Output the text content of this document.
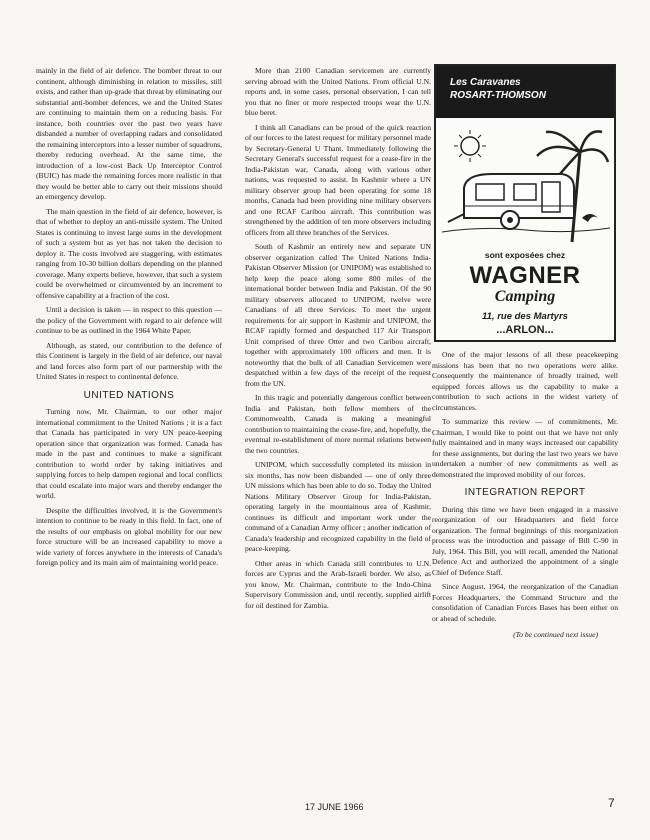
mainly in the field of air defence. The bomber threat to our continent, although diminishing in relation to missiles, still exists, and rather than up-grade that threat by eliminating our substantial anti-bomber defences, we and the United States are continuing to maintain them on a reducing basis. For instance, both countries over the past two years have disbanded a number of overlapping radars and consolidated the remaining interceptors into a lesser number of squadrons, thereby reducing overhead. At the same time, the introduction of a low-cost Back Up Interceptor Control (BUIC) has made the remaining forces more realistic in that they would be better able to carry out their missions should an emergency develop.

The main question in the field of air defence, however, is that of whether to deploy an anti-missile system. The United States is continuing to invest large sums in the development of such a system but as yet has not taken the decision to deploy it. The costs involved are staggering, with estimates ranging from 10-30 billion dollars depending on the planned coverage. Many experts believe, however, that such a system could be overwhelmed or circumvented by an increment to offensive capability at a fraction of the cost.

Until a decision is taken — in respect to this question — the policy of the Government with regard to air defence will continue to be as outlined in the 1964 White Paper.

Although, as stated, our contribution to the defence of this Continent is largely in the field of air defence, our naval and land forces also form part of our partnership with the United States in respect to continental defence.

UNITED NATIONS

Turning now, Mr. Chairman, to our other major international commitment to the United Nations ; it is a fact that Canada has participated in very UN peace-keeping operation since that organization was formed. Canada has made in the past and continues to make a significant contribution to world order by taking initiatives and supplying forces to help dampen regional and local conflicts that could escalate into major wars and thereby endanger the world.

Despite the difficulties involved, it is the Government's intention to continue to be ready in this field. In fact, one of the results of our emphasis on global mobility for our new force structure will be an increased capability to move a wide variety of forces anywhere in the interests of Canada's foreign policy and its main aim of maintaining world peace.

More than 2100 Canadian servicemen are currently serving abroad with the United Nations. From official U.N. reports and, in some cases, personal observation, I can tell you that no finer or more respected troops wear the U.N. blue beret.

I think all Canadians can be proud of the quick reaction of our forces to the latest request for military personnel made by Secretary-General U Thant. Immediately following the Secretary General's successful request for a cease-fire in the India-Pakistan war, Canada, along with various other nations, was requested to assist. In Kashmir where a UN military observer group had been operating for some 18 months, Canada had been providing nine military observers and one RCAF Caribou aircraft. This contribution was strengthened by the addition of ten more observers including officers from all three branches of the Services.

South of Kashmir an entirely new and separate UN observer organization called The United Nations India-Pakistan Observer Mission (or UNIPOM) was established to help keep the peace along some 800 miles of the international border between India and Pakistan. Of the 90 military observers allocated to UNIPOM, twelve were Canadians of all three Services. To meet the urgent requirements for air support in Kashmir and UNIPOM, the RCAF rapidly formed and despatched 117 Air Transport Unit comprised of three Otter and two Caribou aircraft, together with approximately 100 officers and men. It is noteworthy that the bulk of all Canadian Servicemen were despatched within a few days of the receipt of the request from the UN.

In this tragic and potentially dangerous conflict between India and Pakistan, both fellow members of the Commonwealth, Canada is making a meaningful contribution to maintaining the cease-fire, and, hopefully, the eventual re-establishment of more normal relations between the two countries.

UNIPOM, which successfully completed its mission in six months, has now been disbanded — one of only three UN missions which has been able to do so. Today the United Nations Military Observer Group for India-Pakistan, operating largely in the mountainous area of Kashmir, continues its difficult and important work under the command of a Canadian Army officer ; another indication of Canada's leadership and recognized capability in the field of peace-keeping.

Other areas in which Canada still contributes to U.N. forces are Cyprus and the Arab-Israeli border. We also, as you know, Mr. Chairman, contribute to the Indo-China Supervisory Commission and, until recently, supplied airlift for oil destined for Zambia.

Les Caravanes
ROSART-THOMSON
sont exposées chez
WAGNER
Camping
11, rue des Martyrs
...ARLON...

One of the major lessons of all these peacekeeping missions has been that no two operations were alike. Consequently the maintenance of broadly trained, well equipped forces allows us the capability to make a contribution to such actions in the widest variety of circumstances.

To summarize this review — of commitments, Mr. Chairman, I would like to point out that we have not only fully maintained and in many ways increased our capability for these assignments, but during the last two years we have undertaken a number of new commitments as well as demonstrated the improved mobility of our forces.

INTEGRATION REPORT

During this time we have been engaged in a massive reorganization of our Headquarters and field force organization. The formal beginnings of this reorganization process was the introduction and passage of Bill C-90 in July, 1964. This Bill, you will recall, amended the National Defence Act and authorized the appointment of a single Chief of Defence Staff.

Since August, 1964, the reorganization of the Canadian Forces Headquarters, the Command Structure and the consolidation of Canadian Forces Bases has been either on or ahead of schedule.

(To be continued next issue)
17 JUNE 1966	7
